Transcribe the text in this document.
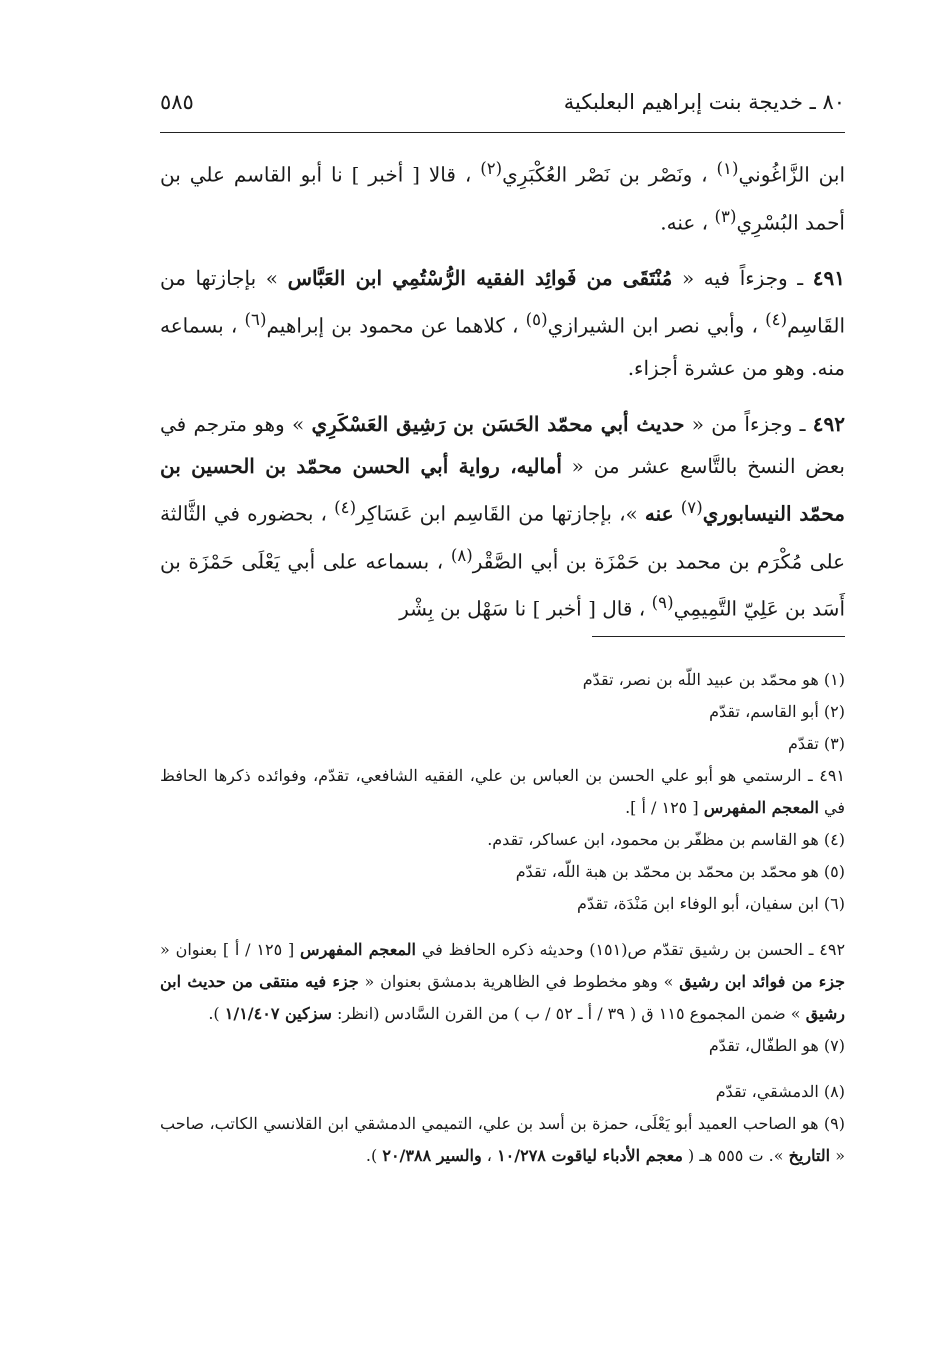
٨٠ ـ خديجة بنت إبراهيم البعلبكية
٥٨٥

ابن الزَّاغُوني$^{(١)}$ ، ونَصْر بن نَصْر العُكْبَرِي$^{(٢)}$ ، قالا [ أخبر ] نا أبو القاسم علي بن أحمد البُسْرِي$^{(٣)}$ ، عنه.

٤٩١ ـ وجزءاً فيه « مُنْتَقَى من فَوائِد الفقيه الرُّسْتُمِي ابن العَبَّاس » بإجازتها من القَاسِم$^{(٤)}$ ، وأبي نصر ابن الشيرازي$^{(٥)}$ ، كلاهما عن محمود بن إبراهيم$^{(٦)}$ ، بسماعه منه. وهو من عشرة أجزاء.

٤٩٢ ـ وجزءاً من « حديث أبي محمّد الحَسَن بن رَشِيق العَسْكَرِي » وهو مترجم في بعض النسخ بالتَّاسع عشر من « أماليه، رواية أبي الحسن محمّد بن الحسين بن محمّد النيسابوري$^{(٧)}$ عنه »، بإجازتها من القَاسِم ابن عَسَاكِر$^{(٤)}$ ، بحضوره في الثَّالثة على مُكْرَم بن محمد بن حَمْزَة بن أبي الصَّقْر$^{(٨)}$ ، بسماعه على أبي يَعْلَى حَمْزَة بن أَسَد بن عَلِيّ التَّمِيمِي$^{(٩)}$ ، قال [ أخبر ] نا سَهْل بن بِشْر

(١) هو محمّد بن عبيد اللّه بن نصر، تقدّم

(٢) أبو القاسم، تقدّم

(٣) تقدّم

٤٩١ ـ الرستمي هو أبو علي الحسن بن العباس بن علي، الفقيه الشافعي، تقدّم، وفوائده ذكرها الحافظ في المعجم المفهرس [ ١٢٥ / أ ].

(٤) هو القاسم بن مظفّر بن محمود، ابن عساكر، تقدم.

(٥) هو محمّد بن محمّد بن محمّد بن هبة اللّه، تقدّم

(٦) ابن سفيان، أبو الوفاء ابن مَنْدَة، تقدّم

٤٩٢ ـ الحسن بن رشيق تقدّم ص(١٥١) وحديثه ذكره الحافظ في المعجم المفهرس [ ١٢٥ / أ ] بعنوان « جزء من فوائد ابن رشيق » وهو مخطوط في الظاهرية بدمشق بعنوان « جزء فيه منتقى من حديث ابن رشيق » ضمن المجموع ١١٥ ق ( ٣٩ / أ ـ ٥٢ / ب ) من القرن السَّادس (انظر: سزكين ١/١/٤٠٧ ).

(٧) هو الطفّال، تقدّم

(٨) الدمشقي، تقدّم

(٩) هو الصاحب العميد أبو يَعْلَى، حمزة بن أسد بن علي، التميمي الدمشقي ابن القلانسي الكاتب، صاحب « التاريخ ». ت ٥٥٥ هـ ( معجم الأدباء لياقوت ١٠/٢٧٨ ، والسير ٢٠/٣٨٨ ).
